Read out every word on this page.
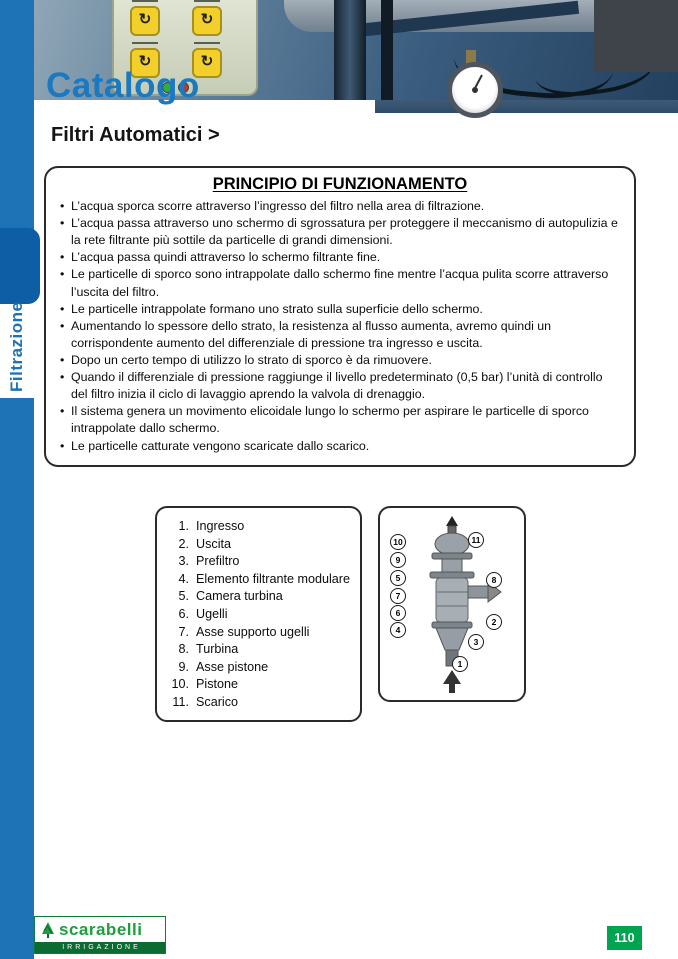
↻	↻
↻	↻
Filtrazione
Catalogo
Filtri Automatici >
PRINCIPIO DI FUNZIONAMENTO
• L’acqua sporca scorre attraverso l’ingresso del filtro nella area di filtrazione.
• L’acqua passa attraverso uno schermo di sgrossatura per proteggere il meccanismo di autopulizia e la rete filtrante più sottile da particelle di grandi dimensioni.
• L’acqua passa quindi attraverso lo schermo filtrante fine.
• Le particelle di sporco sono intrappolate dallo schermo fine mentre l’acqua pulita scorre attraverso l’uscita del filtro.
• Le particelle intrappolate formano uno strato sulla superficie dello schermo.
• Aumentando lo spessore dello strato, la resistenza al flusso aumenta, avremo quindi un corrispondente aumento del differenziale di pressione tra ingresso e uscita.
• Dopo un certo tempo di utilizzo lo strato di sporco è da rimuovere.
• Quando il differenziale di pressione raggiunge il livello predeterminato (0,5 bar) l’unità di controllo del filtro inizia il ciclo di lavaggio aprendo la valvola di drenaggio.
• Il sistema genera un movimento elicoidale lungo lo schermo per aspirare le particelle di sporco intrappolate dallo schermo.
• Le particelle catturate vengono scaricate dallo scarico.
1. Ingresso
2. Uscita
3. Prefiltro
4. Elemento filtrante modulare
5. Camera turbina
6. Ugelli
7. Asse supporto ugelli
8. Turbina
9. Asse pistone
10. Pistone
11. Scarico
10
9
5
7
6
4
11
8
2
3
1
scarabelli
IRRIGAZIONE
110
